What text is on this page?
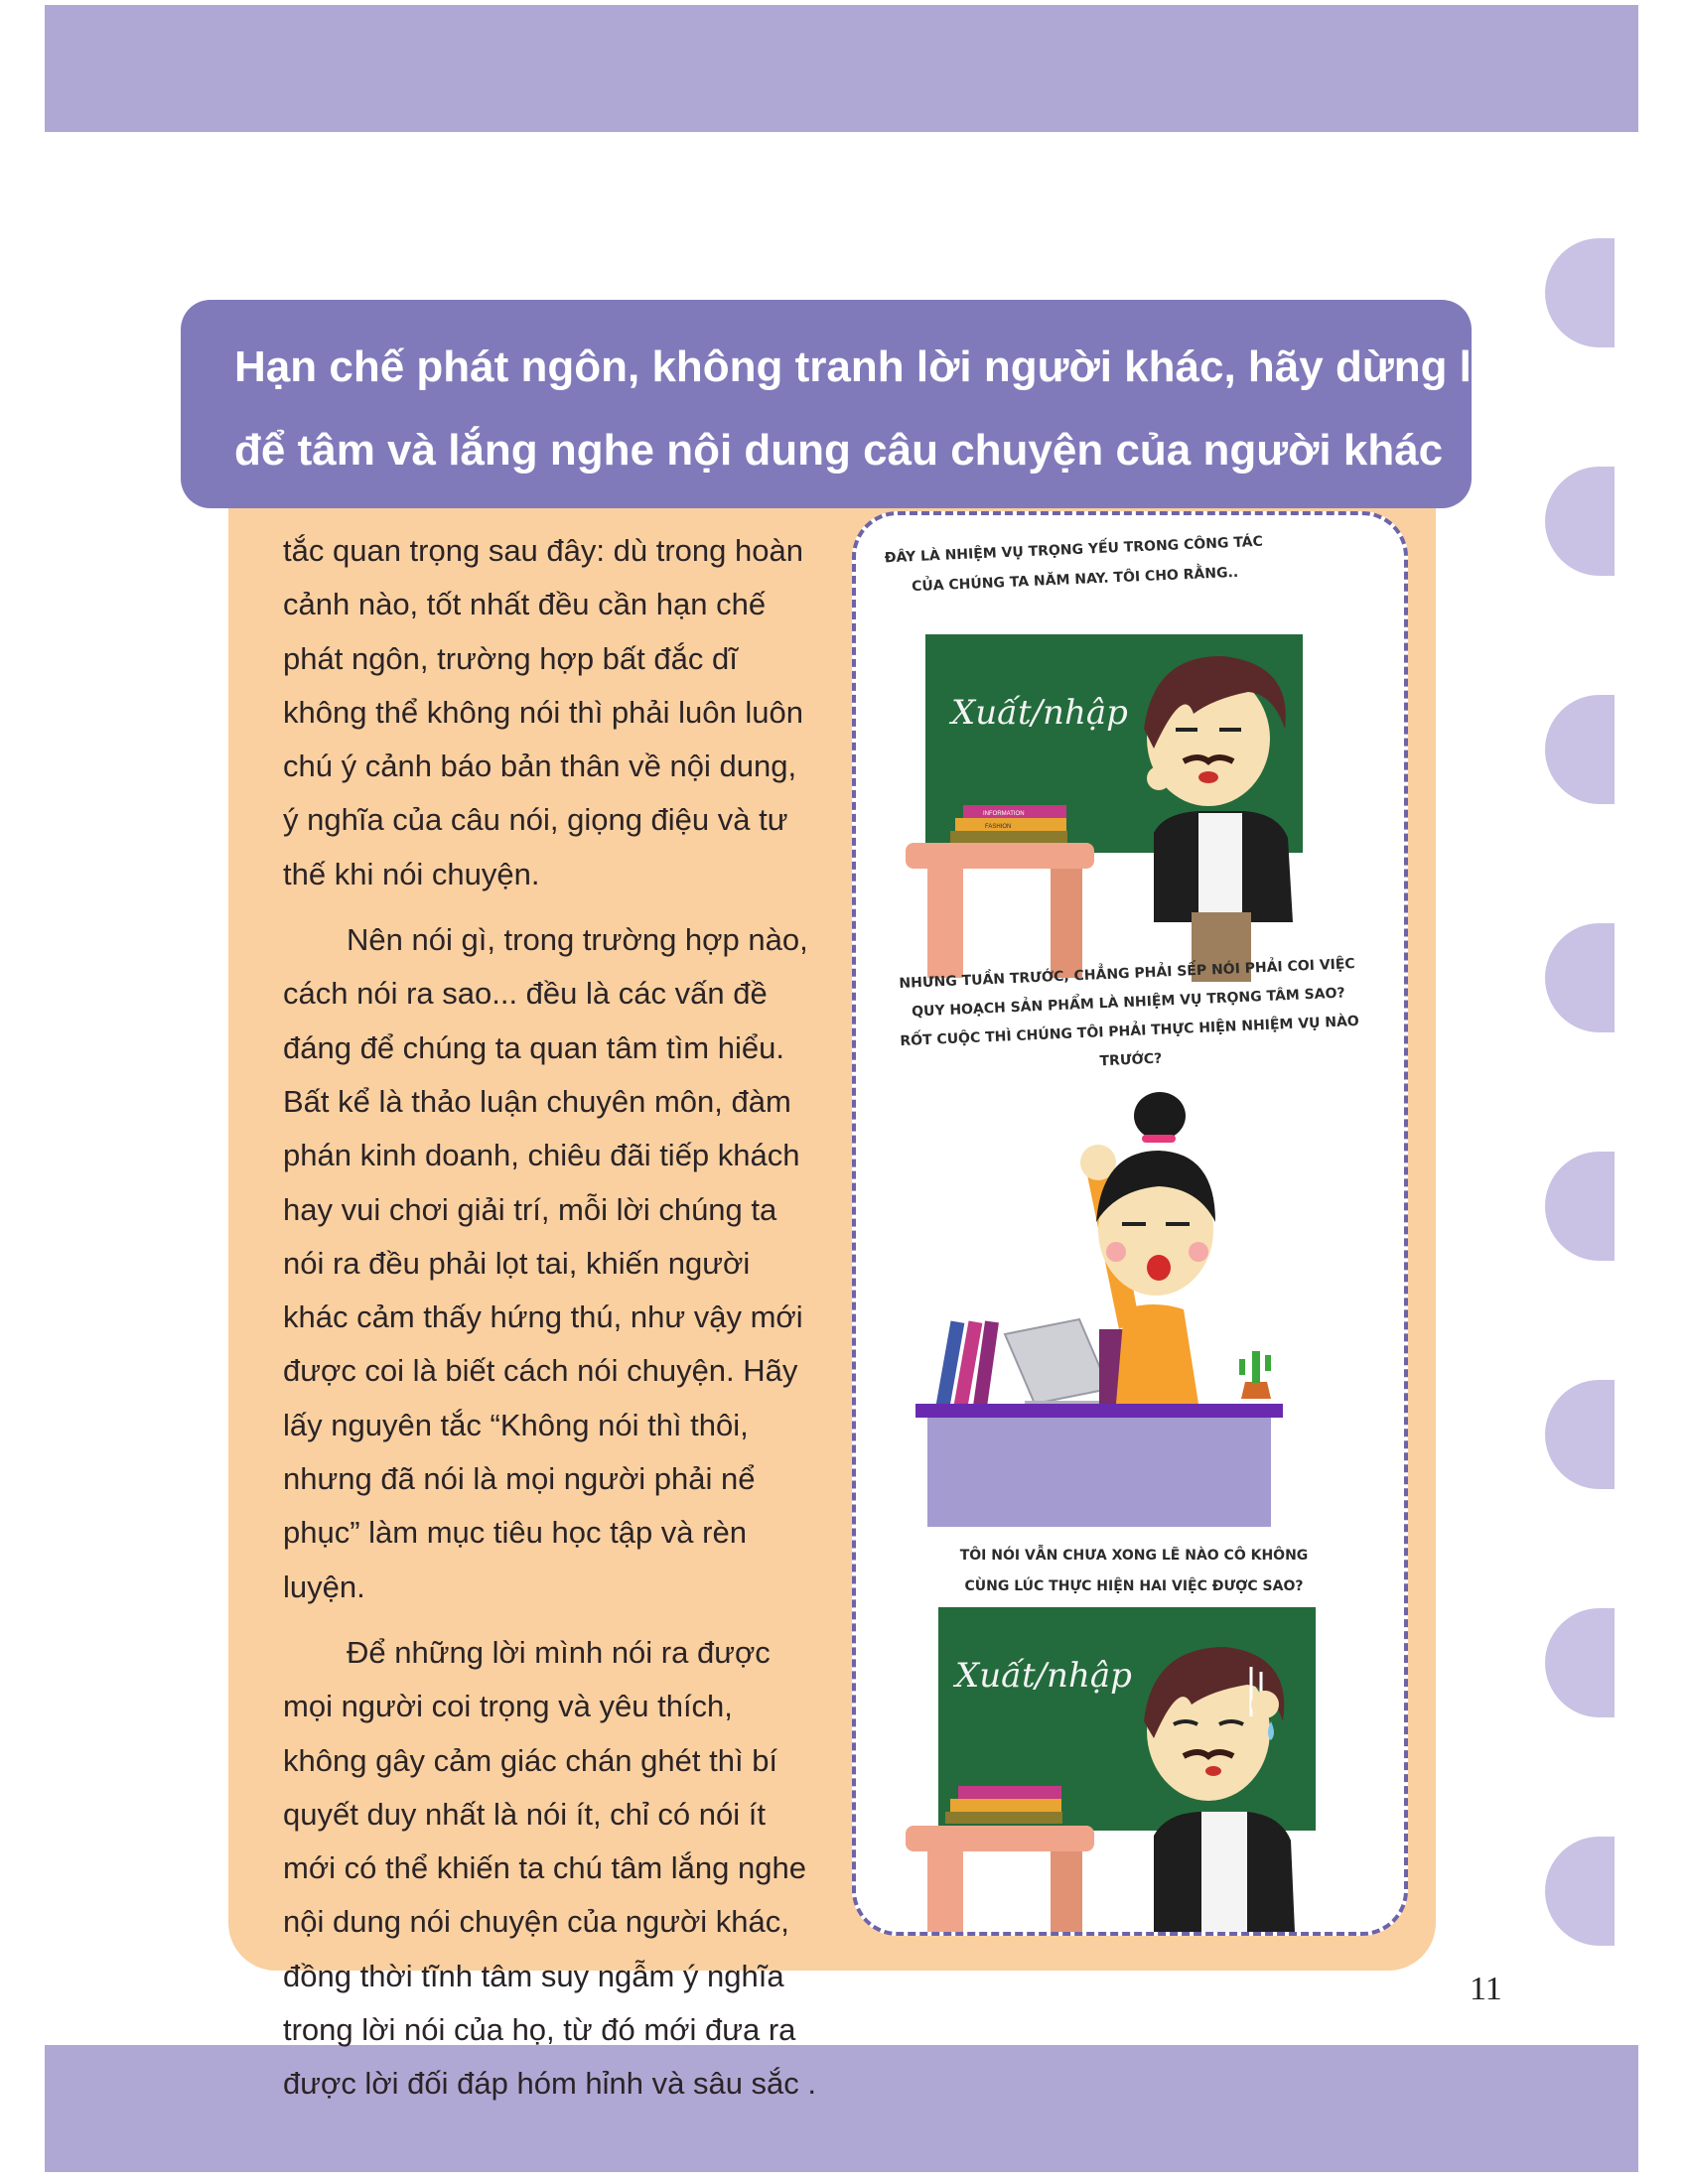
Hạn chế phát ngôn, không tranh lời người khác, hãy dừng lại
để tâm và lắng nghe nội dung câu chuyện của người khác

tắc quan trọng sau đây: dù trong hoàn cảnh nào, tốt nhất đều cần hạn chế phát ngôn, trường hợp bất đắc dĩ không thể không nói thì phải luôn luôn chú ý cảnh báo bản thân về nội dung, ý nghĩa của câu nói, giọng điệu và tư thế khi nói chuyện.

Nên nói gì, trong trường hợp nào, cách nói ra sao... đều là các vấn đề đáng để chúng ta quan tâm tìm hiểu. Bất kể là thảo luận chuyên môn, đàm phán kinh doanh, chiêu đãi tiếp khách hay vui chơi giải trí, mỗi lời chúng ta nói ra đều phải lọt tai, khiến người khác cảm thấy hứng thú, như vậy mới được coi là biết cách nói chuyện. Hãy lấy nguyên tắc “Không nói thì thôi, nhưng đã nói là mọi người phải nể phục” làm mục tiêu học tập và rèn luyện.

Để những lời mình nói ra được mọi người coi trọng và yêu thích, không gây cảm giác chán ghét thì bí quyết duy nhất là nói ít, chỉ có nói ít mới có thể khiến ta chú tâm lắng nghe nội dung nói chuyện của người khác, đồng thời tĩnh tâm suy ngẫm ý nghĩa trong lời nói của họ, từ đó mới đưa ra được lời đối đáp hóm hỉnh và sâu sắc .

Xuất/nhập
INFORMATION
FASHION
Xuất/nhập
ĐÂY LÀ NHIỆM VỤ TRỌNG YẾU TRONG CÔNG TÁC CỦA CHÚNG TA NĂM NAY. TÔI CHO RẰNG..
NHƯNG TUẦN TRƯỚC, CHẲNG PHẢI SẾP NÓI PHẢI COI VIỆC QUY HOẠCH SẢN PHẨM LÀ NHIỆM VỤ TRỌNG TÂM SAO? RỐT CUỘC THÌ CHÚNG TÔI PHẢI THỰC HIỆN NHIỆM VỤ NÀO TRƯỚC?
TÔI NÓI VẪN CHƯA XONG LẼ NÀO CÔ KHÔNG CÙNG LÚC THỰC HIỆN HAI VIỆC ĐƯỢC SAO?
11
